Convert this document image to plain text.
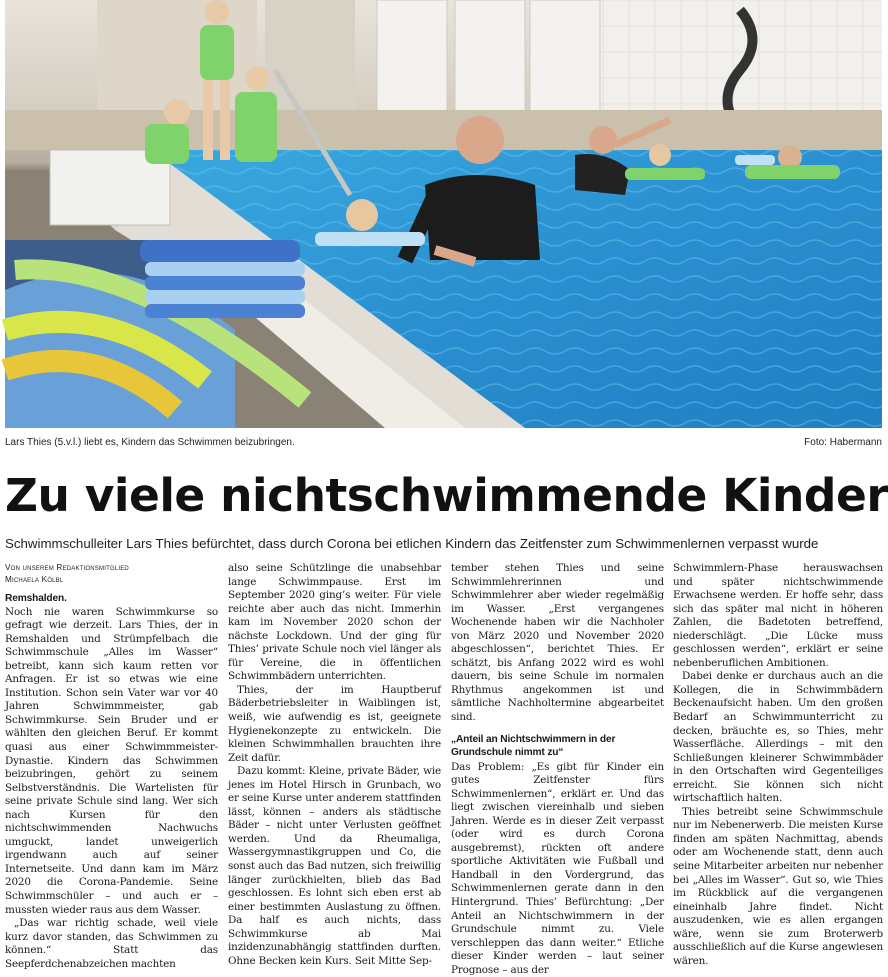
Lars Thies (5.v.l.) liebt es, Kindern das Schwimmen beizubringen.	Foto: Habermann
Zu viele nichtschwimmende Kinder
Schwimmschulleiter Lars Thies befürchtet, dass durch Corona bei etlichen Kindern das Zeitfenster zum Schwimmenlernen verpasst wurde
Von unserem Redaktionsmitglied
Michaela Kölbl
Remshalden.

Noch nie waren Schwimmkurse so gefragt wie derzeit. Lars Thies, der in Remshalden und Strümpfelbach die Schwimmschule „Alles im Wasser“ betreibt, kann sich kaum retten vor Anfragen. Er ist so etwas wie eine Institution. Schon sein Vater war vor 40 Jahren Schwimmmeister, gab Schwimmkurse. Sein Bruder und er wählten den gleichen Beruf. Er kommt quasi aus einer Schwimmmeister-Dynastie. Kindern das Schwimmen beizubringen, gehört zu seinem Selbstverständnis. Die Wartelisten für seine private Schule sind lang. Wer sich nach Kursen für den nichtschwimmenden Nachwuchs umguckt, landet unweigerlich irgendwann auch auf seiner Internetseite. Und dann kam im März 2020 die Corona-Pandemie. Seine Schwimmschüler – und auch er – mussten wieder raus aus dem Wasser.

„Das war richtig schade, weil viele kurz davor standen, das Schwimmen zu können.“ Statt das Seepferdchenabzeichen machten

also seine Schützlinge die unabsehbar lange Schwimmpause. Erst im September 2020 ging’s weiter. Für viele reichte aber auch das nicht. Immerhin kam im November 2020 schon der nächste Lockdown. Und der ging für Thies’ private Schule noch viel länger als für Vereine, die in öffentlichen Schwimmbädern unterrichten.

Thies, der im Hauptberuf Bäderbetriebsleiter in Waiblingen ist, weiß, wie aufwendig es ist, geeignete Hygienekonzepte zu entwickeln. Die kleinen Schwimmhallen brauchten ihre Zeit dafür.

Dazu kommt: Kleine, private Bäder, wie jenes im Hotel Hirsch in Grunbach, wo er seine Kurse unter anderem stattfinden lässt, können – anders als städtische Bäder – nicht unter Verlusten geöffnet werden. Und da Rheumaliga, Wassergymnastikgruppen und Co, die sonst auch das Bad nutzen, sich freiwillig länger zurückhielten, blieb das Bad geschlossen. Es lohnt sich eben erst ab einer bestimmten Auslastung zu öffnen. Da half es auch nichts, dass Schwimmkurse ab Mai inzidenzunabhängig stattfinden durften. Ohne Becken kein Kurs. Seit Mitte Sep-

tember stehen Thies und seine Schwimmlehrerinnen und Schwimmlehrer aber wieder regelmäßig im Wasser. „Erst vergangenes Wochenende haben wir die Nachholer von März 2020 und November 2020 abgeschlossen“, berichtet Thies. Er schätzt, bis Anfang 2022 wird es wohl dauern, bis seine Schule im normalen Rhythmus angekommen ist und sämtliche Nachholtermine abgearbeitet sind.

„Anteil an Nichtschwimmern in der Grundschule nimmt zu“

Das Problem: „Es gibt für Kinder ein gutes Zeitfenster fürs Schwimmenlernen“, erklärt er. Und das liegt zwischen viereinhalb und sieben Jahren. Werde es in dieser Zeit verpasst (oder wird es durch Corona ausgebremst), rückten oft andere sportliche Aktivitäten wie Fußball und Handball in den Vordergrund, das Schwimmenlernen gerate dann in den Hintergrund. Thies’ Befürchtung: „Der Anteil an Nichtschwimmern in der Grundschule nimmt zu. Viele verschleppen das dann weiter.“ Etliche dieser Kinder werden – laut seiner Prognose – aus der

Schwimmlern-Phase herauswachsen und später nichtschwimmende Erwachsene werden. Er hoffe sehr, dass sich das später mal nicht in höheren Zahlen, die Badetoten betreffend, niederschlägt. „Die Lücke muss geschlossen werden“, erklärt er seine nebenberuflichen Ambitionen.

Dabei denke er durchaus auch an die Kollegen, die in Schwimmbädern Beckenaufsicht haben. Um den großen Bedarf an Schwimmunterricht zu decken, bräuchte es, so Thies, mehr Wasserfläche. Allerdings – mit den Schließungen kleinerer Schwimmbäder in den Ortschaften wird Gegenteiliges erreicht. Sie können sich nicht wirtschaftlich halten.

Thies betreibt seine Schwimmschule nur im Nebenerwerb. Die meisten Kurse finden am späten Nachmittag, abends oder am Wochenende statt, denn auch seine Mitarbeiter arbeiten nur nebenher bei „Alles im Wasser“. Gut so, wie Thies im Rückblick auf die vergangenen eineinhalb Jahre findet. Nicht auszudenken, wie es allen ergangen wäre, wenn sie zum Broterwerb ausschließlich auf die Kurse angewiesen wären.
